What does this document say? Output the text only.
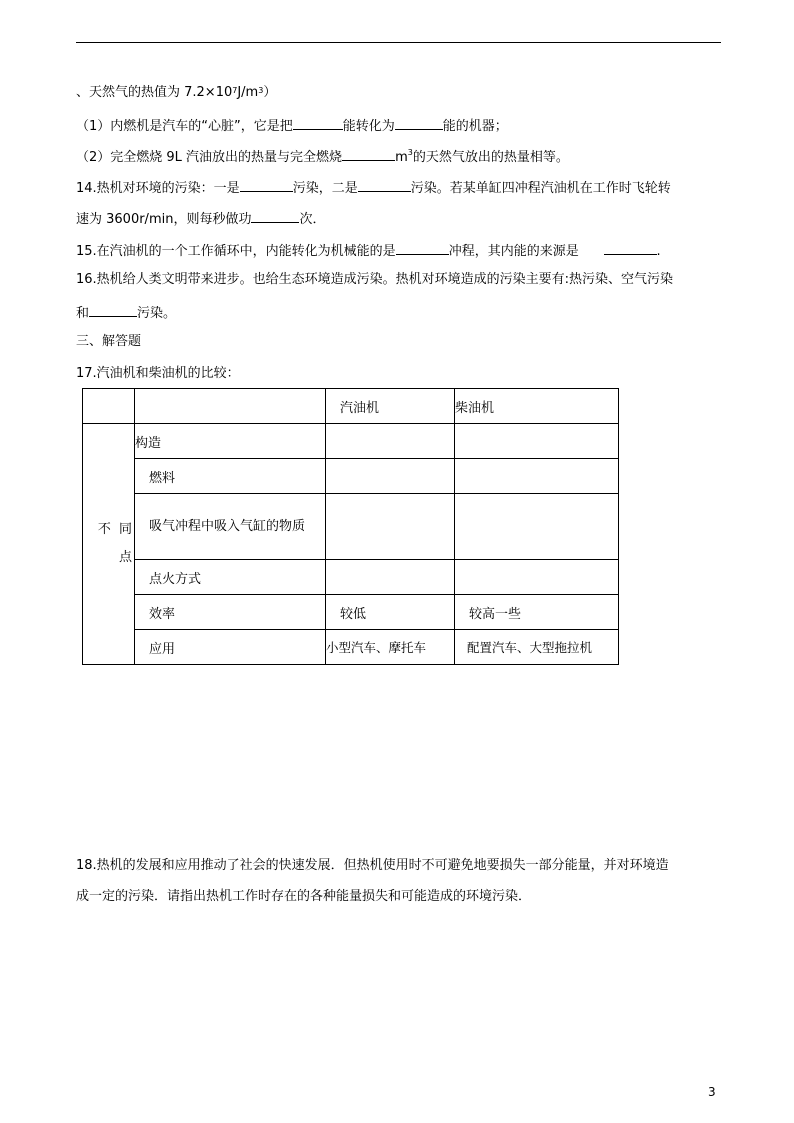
、天然气的热值为 $7.2\times 10^7J/m^3$）
（1）内燃机是汽车的“心脏”，它是把	能转化为	能的机器；
（2）完全燃烧 9L 汽油放出的热量与完全燃烧	$m^3$的天然气放出的热量相等。
14.热机对环境的污染：一是	污染，二是	污染。若某单缸四冲程汽油机在工作时飞轮转
速为 3600r/min，则每秒做功	次．
15.在汽油机的一个工作循环中，内能转化为机械能的是	冲程，其内能的来源是	.
16.热机给人类文明带来进步。也给生态环境造成污染。热机对环境造成的污染主要有:热污染、空气污染
和	污染。
三、解答题
17.汽油机和柴油机的比较：
		汽油机	柴油机

不 同点	构造		
	燃料		
	吸气冲程中吸入气缸的物质		
	点火方式		
	效率	较低	较高一些
	应用	小型汽车、摩托车	配置汽车、大型拖拉机
18.热机的发展和应用推动了社会的快速发展．但热机使用时不可避免地要损失一部分能量，并对环境造
成一定的污染．请指出热机工作时存在的各种能量损失和可能造成的环境污染．
3
